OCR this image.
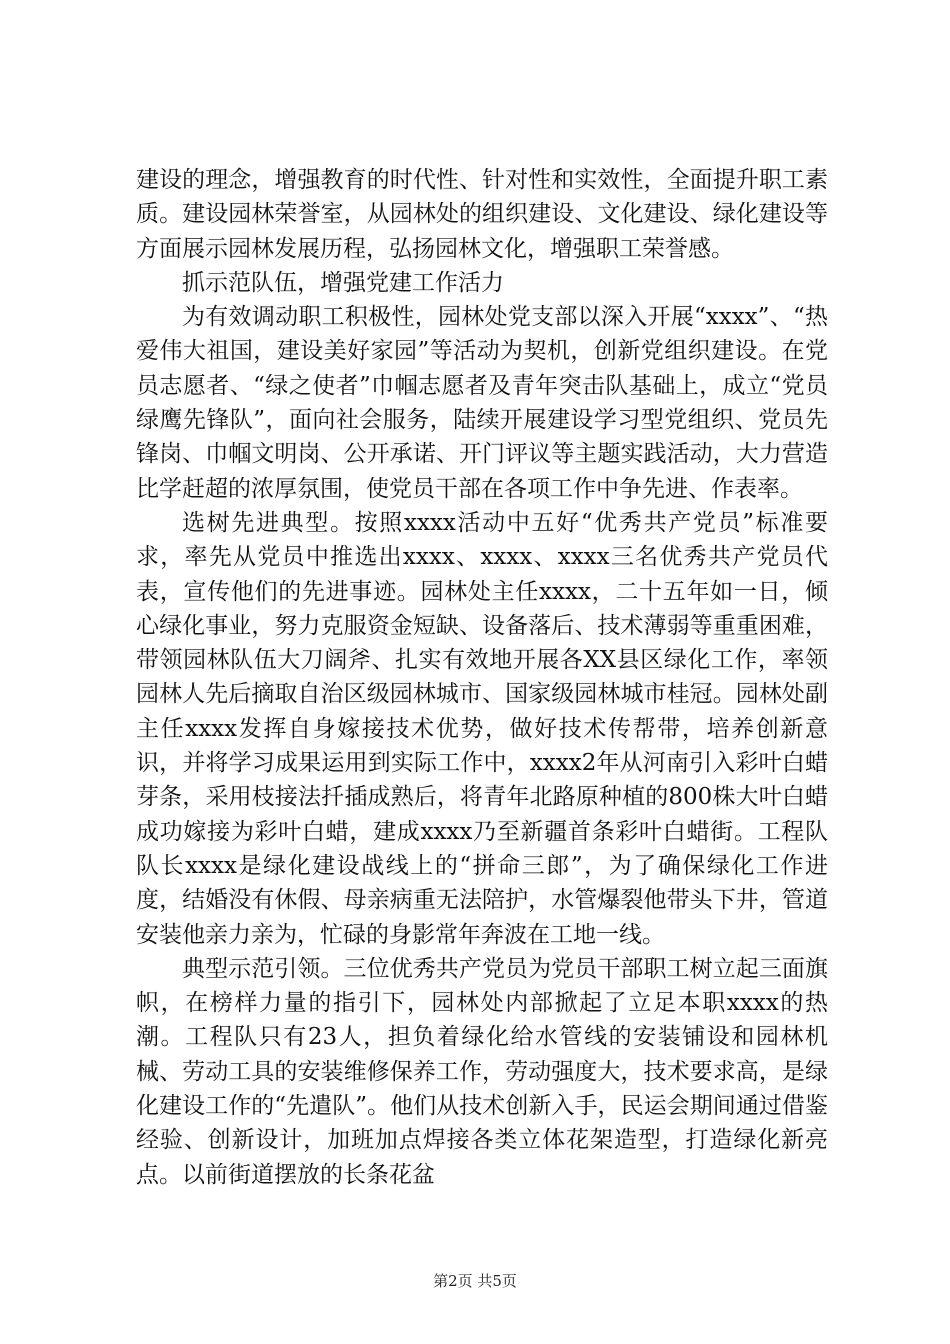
建设的理念，增强教育的时代性、针对性和实效性，全面提升职工素质。建设园林荣誉室，从园林处的组织建设、文化建设、绿化建设等方面展示园林发展历程，弘扬园林文化，增强职工荣誉感。

抓示范队伍，增强党建工作活力

为有效调动职工积极性，园林处党支部以深入开展“xxxx”、“热爱伟大祖国，建设美好家园”等活动为契机，创新党组织建设。在党员志愿者、“绿之使者”巾帼志愿者及青年突击队基础上，成立“党员绿鹰先锋队”，面向社会服务，陆续开展建设学习型党组织、党员先锋岗、巾帼文明岗、公开承诺、开门评议等主题实践活动，大力营造比学赶超的浓厚氛围，使党员干部在各项工作中争先进、作表率。

选树先进典型。按照xxxx活动中五好“优秀共产党员”标准要求，率先从党员中推选出xxxx、xxxx、xxxx三名优秀共产党员代表，宣传他们的先进事迹。园林处主任xxxx，二十五年如一日，倾心绿化事业，努力克服资金短缺、设备落后、技术薄弱等重重困难，带领园林队伍大刀阔斧、扎实有效地开展各XX县区绿化工作，率领园林人先后摘取自治区级园林城市、国家级园林城市桂冠。园林处副主任xxxx发挥自身嫁接技术优势，做好技术传帮带，培养创新意识，并将学习成果运用到实际工作中，xxxx2年从河南引入彩叶白蜡芽条，采用枝接法扦插成熟后，将青年北路原种植的800株大叶白蜡成功嫁接为彩叶白蜡，建成xxxx乃至新疆首条彩叶白蜡街。工程队队长xxxx是绿化建设战线上的“拼命三郎”，为了确保绿化工作进度，结婚没有休假、母亲病重无法陪护，水管爆裂他带头下井，管道安装他亲力亲为，忙碌的身影常年奔波在工地一线。

典型示范引领。三位优秀共产党员为党员干部职工树立起三面旗帜，在榜样力量的指引下，园林处内部掀起了立足本职xxxx的热潮。工程队只有23人，担负着绿化给水管线的安装铺设和园林机械、劳动工具的安装维修保养工作，劳动强度大，技术要求高，是绿化建设工作的“先遣队”。他们从技术创新入手，民运会期间通过借鉴经验、创新设计，加班加点焊接各类立体花架造型，打造绿化新亮点。以前街道摆放的长条花盆

第2页 共5页
